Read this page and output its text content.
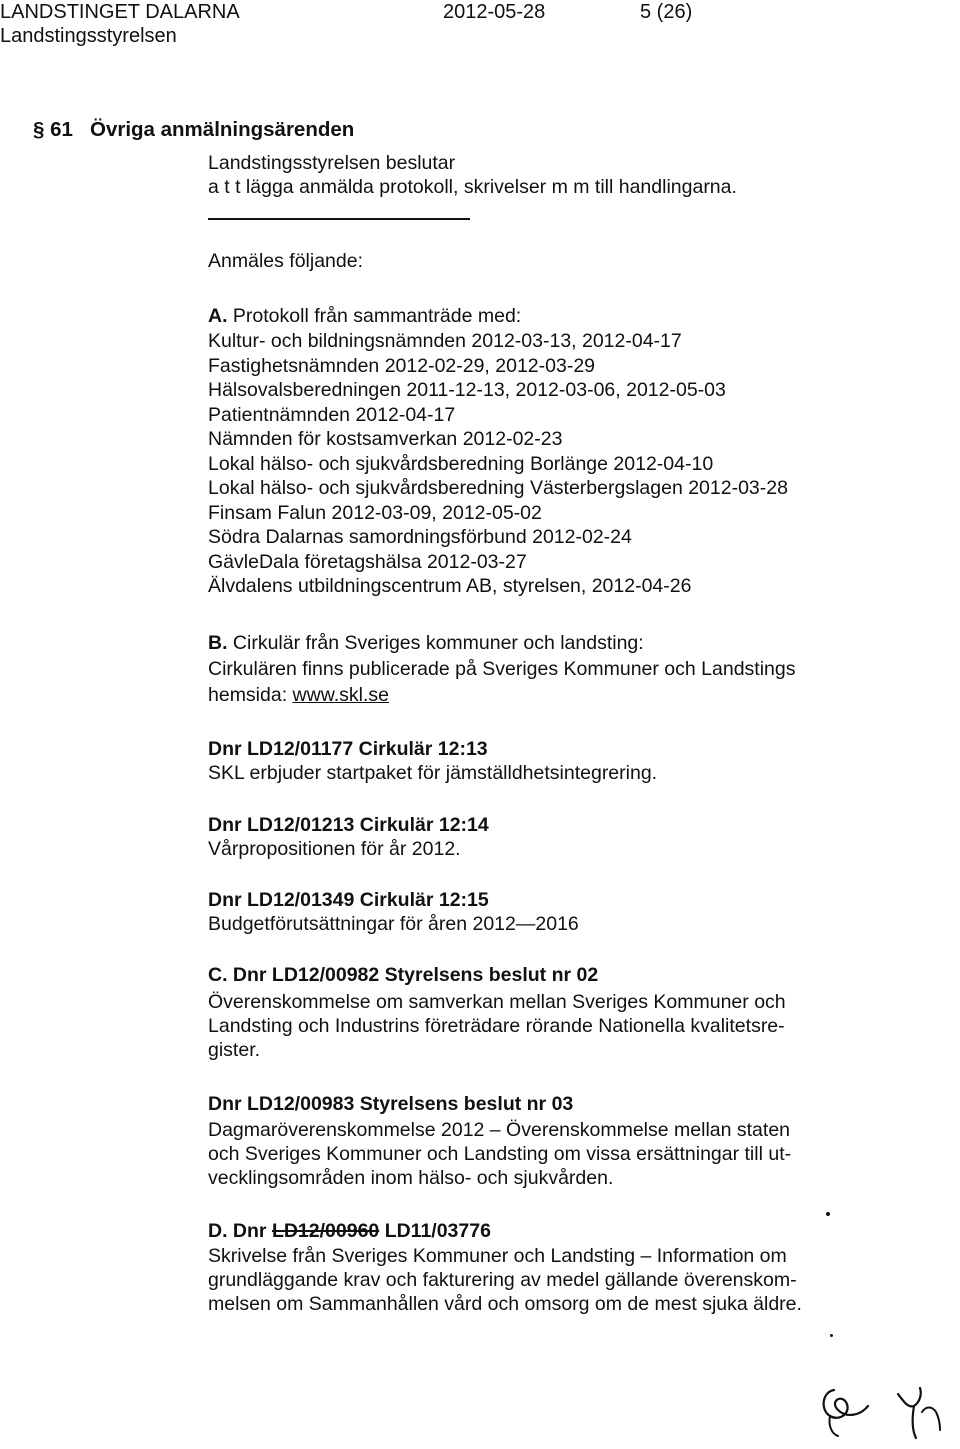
LANDSTINGET DALARNA	2012-05-28	5 (26)
Landstingsstyrelsen
§ 61 Övriga anmälningsärenden
Landstingsstyrelsen beslutar
a t t lägga anmälda protokoll, skrivelser m m till handlingarna.
Anmäles följande:
A. Protokoll från sammanträde med:
Kultur- och bildningsnämnden 2012-03-13, 2012-04-17
Fastighetsnämnden 2012-02-29, 2012-03-29
Hälsovalsberedningen 2011-12-13, 2012-03-06, 2012-05-03
Patientnämnden 2012-04-17
Nämnden för kostsamverkan 2012-02-23
Lokal hälso- och sjukvårdsberedning Borlänge 2012-04-10
Lokal hälso- och sjukvårdsberedning Västerbergslagen 2012-03-28
Finsam Falun 2012-03-09, 2012-05-02
Södra Dalarnas samordningsförbund 2012-02-24
GävleDala företagshälsa 2012-03-27
Älvdalens utbildningscentrum AB, styrelsen, 2012-04-26
B. Cirkulär från Sveriges kommuner och landsting:
Cirkulären finns publicerade på Sveriges Kommuner och Landstings
hemsida: www.skl.se
Dnr LD12/01177 Cirkulär 12:13
SKL erbjuder startpaket för jämställdhetsintegrering.
Dnr LD12/01213 Cirkulär 12:14
Vårpropositionen för år 2012.
Dnr LD12/01349 Cirkulär 12:15
Budgetförutsättningar för åren 2012—2016
C. Dnr LD12/00982 Styrelsens beslut nr 02
Överenskommelse om samverkan mellan Sveriges Kommuner och
Landsting och Industrins företrädare rörande Nationella kvalitetsre-
gister.
Dnr LD12/00983 Styrelsens beslut nr 03
Dagmaröverenskommelse 2012 – Överenskommelse mellan staten
och Sveriges Kommuner och Landsting om vissa ersättningar till ut-
vecklingsområden inom hälso- och sjukvården.
D. Dnr LD12/00960 LD11/03776
Skrivelse från Sveriges Kommuner och Landsting – Information om
grundläggande krav och fakturering av medel gällande överenskom-
melsen om Sammanhållen vård och omsorg om de mest sjuka äldre.
